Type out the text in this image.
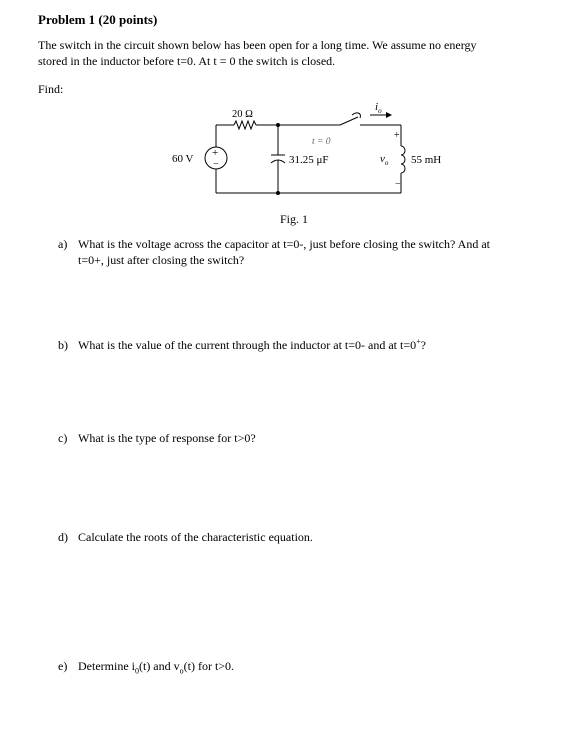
Problem 1 (20 points)
The switch in the circuit shown below has been open for a long time. We assume no energy
stored in the inductor before t=0. At t = 0 the switch is closed.
Find:
20 Ω
60 V +
−	31.25 μF
t = 0
$i_o$
+
$v_o$
−
55 mH
Fig. 1
a) What is the voltage across the capacitor at t=0-, just before closing the switch? And at
t=0+, just after closing the switch?
b) What is the value of the current through the inductor at t=0- and at t=0+?
c) What is the type of response for t>0?
d) Calculate the roots of the characteristic equation.
e) Determine $i_0(t)$ and $v_o(t)$ for t>0.
